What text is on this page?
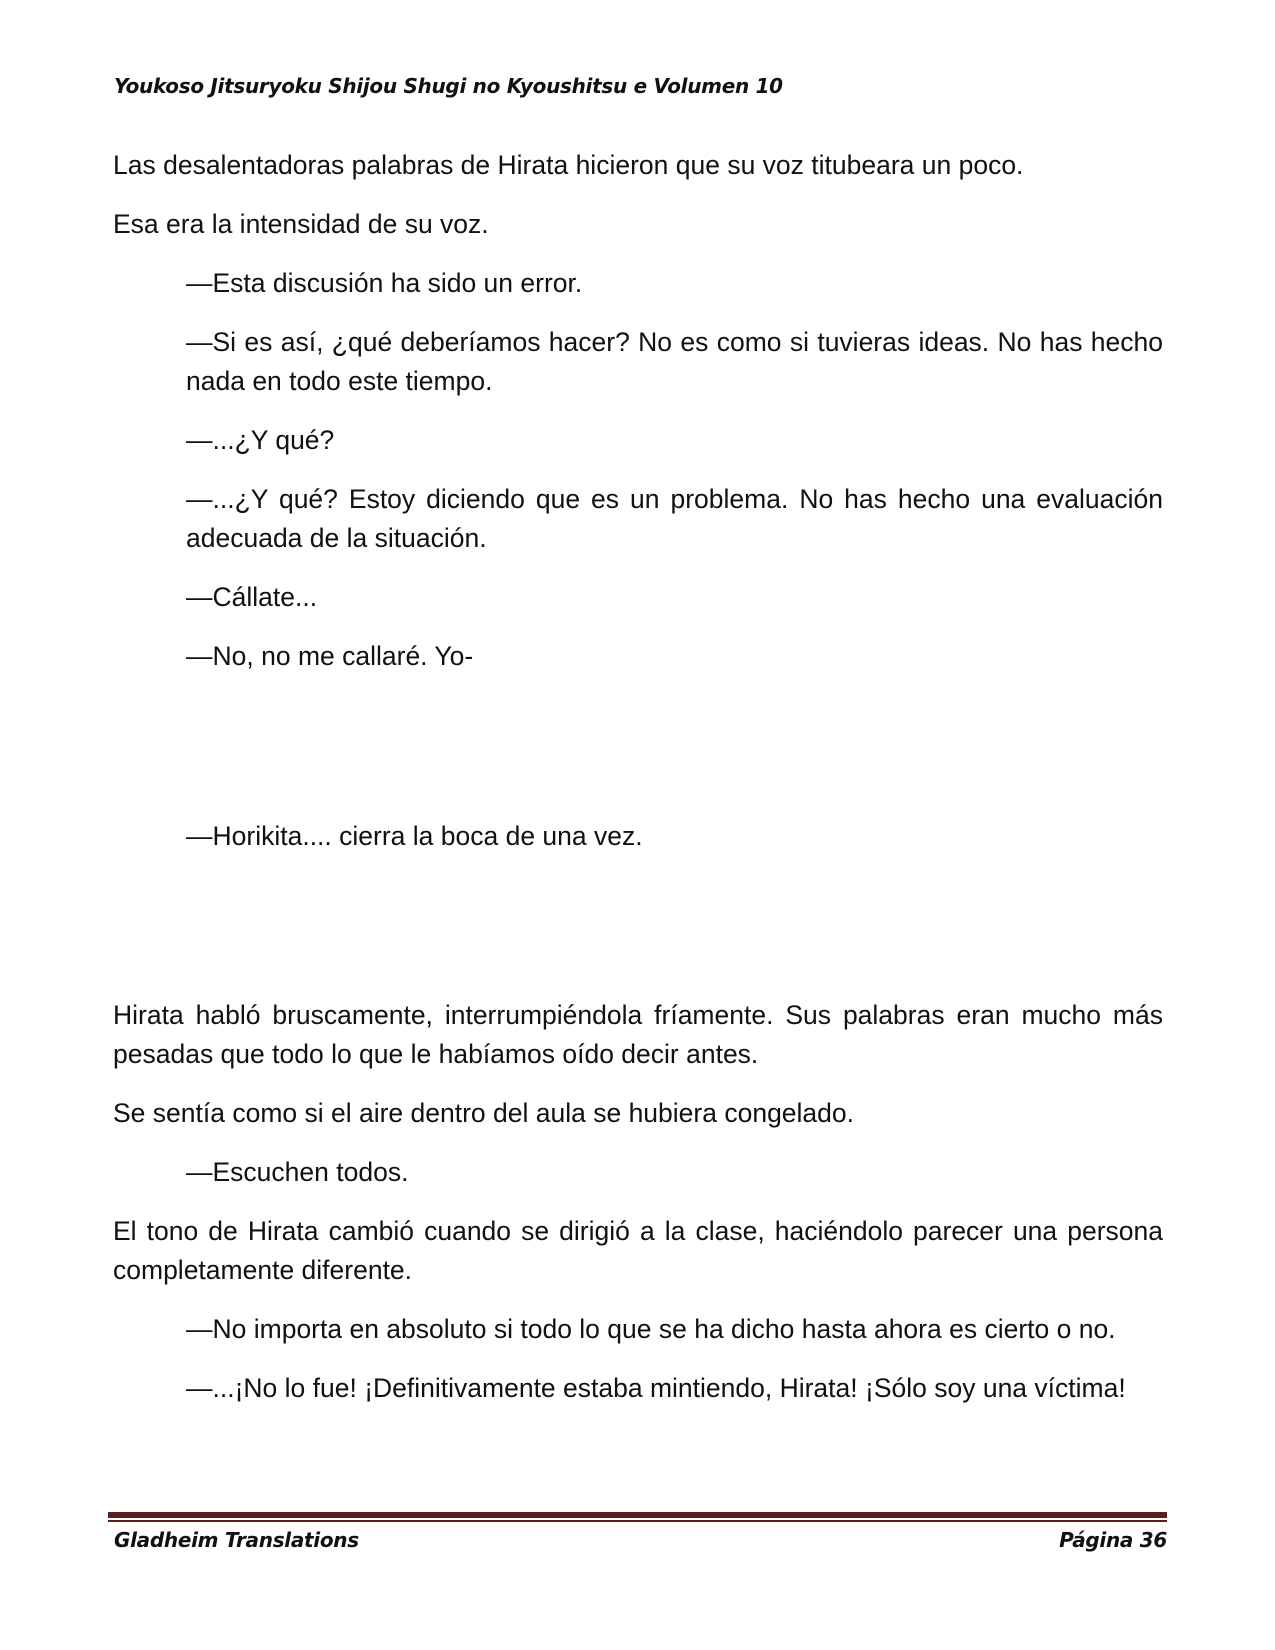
Youkoso Jitsuryoku Shijou Shugi no Kyoushitsu e Volumen 10

Las desalentadoras palabras de Hirata hicieron que su voz titubeara un poco.

Esa era la intensidad de su voz.

—Esta discusión ha sido un error.

—Si es así, ¿qué deberíamos hacer? No es como si tuvieras ideas. No has hecho nada en todo este tiempo.

—...¿Y qué?

—...¿Y qué? Estoy diciendo que es un problema. No has hecho una evaluación adecuada de la situación.

—Cállate...

—No, no me callaré. Yo-

—Horikita.... cierra la boca de una vez.

Hirata habló bruscamente, interrumpiéndola fríamente. Sus palabras eran mucho más pesadas que todo lo que le habíamos oído decir antes.

Se sentía como si el aire dentro del aula se hubiera congelado.

—Escuchen todos.

El tono de Hirata cambió cuando se dirigió a la clase, haciéndolo parecer una persona completamente diferente.

—No importa en absoluto si todo lo que se ha dicho hasta ahora es cierto o no.

—...¡No lo fue! ¡Definitivamente estaba mintiendo, Hirata! ¡Sólo soy una víctima!

Gladheim Translations	Página 36
